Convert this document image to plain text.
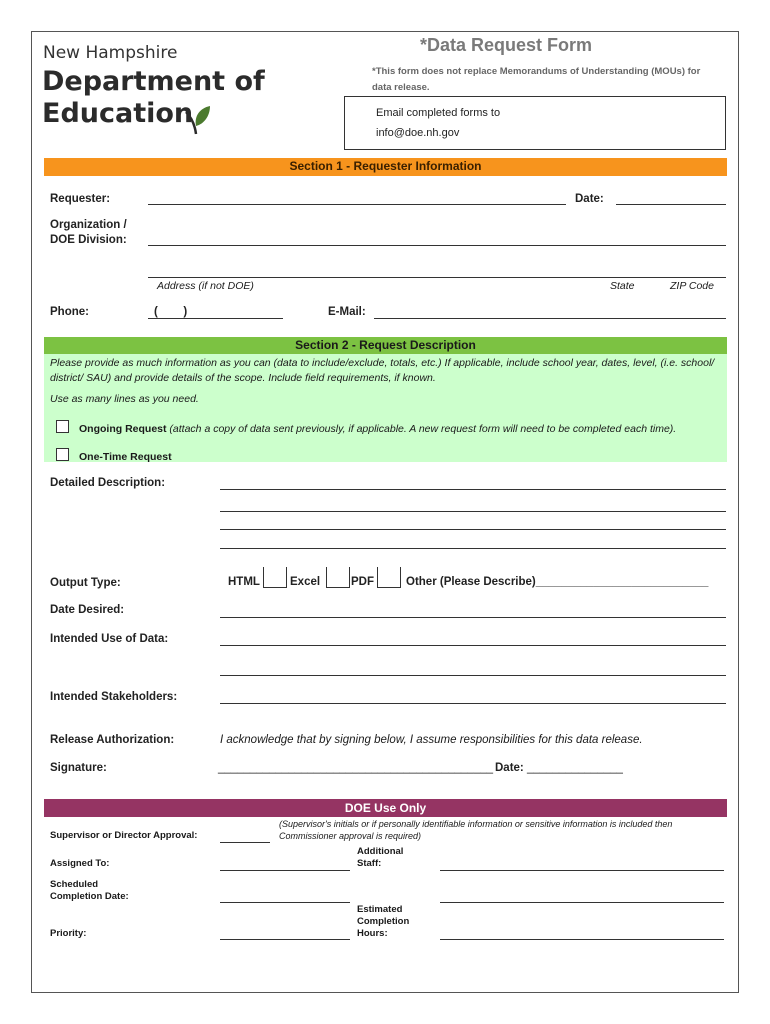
New Hampshire
Department of
Education
*Data Request Form
*This form does not replace Memorandums of Understanding (MOUs) for data release.
Email completed forms to
info@doe.nh.gov
Section 1 - Requester Information
Requester:	Date:
Organization /
DOE Division:
Address (if not DOE)	State	ZIP Code
Phone:	(        )	E-Mail:
Section 2 - Request Description
Please provide as much information as you can (data to include/exclude, totals, etc.) If applicable, include school year, dates, level, (i.e. school/ district/ SAU) and provide details of the scope. Include field requirements, if known.
Use as many lines as you need.
Ongoing Request (attach a copy of data sent previously, if applicable. A new request form will need to be completed each time).
One-Time Request
Detailed Description:
Output Type:	HTML	Excel	PDF	Other (Please Describe)___________________________
Date Desired:
Intended Use of Data:
Intended Stakeholders:
Release Authorization:	I acknowledge that by signing below, I assume responsibilities for this data release.
Signature:	___________________________________________ Date: _______________
DOE Use Only
Supervisor or Director Approval:
(Supervisor's initials or if personally identifiable information or sensitive information is included then Commissioner approval is required)
Assigned To:
Additional
Staff:
Scheduled
Completion Date:
Estimated
Completion
Hours:
Priority:
